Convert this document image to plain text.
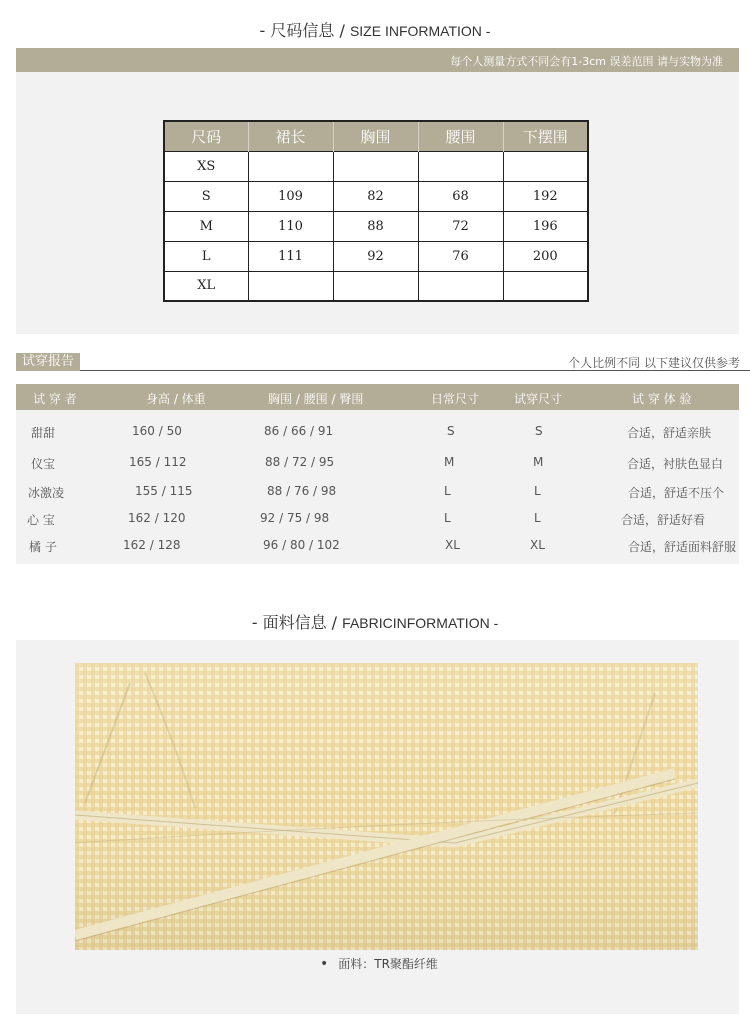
- 尺码信息 / SIZE INFORMATION -
每个人测量方式不同会有1-3cm 误差范围 请与实物为准
尺码	裙长	胸围	腰围	下摆围
XS				
S	109	82	68	192
M	110	88	72	196
L	111	92	76	200
XL				
试穿报告	个人比例不同 以下建议仅供参考
试 穿 者	身高 / 体重	胸围 / 腰围 / 臀围	日常尺寸	试穿尺寸	试 穿 体 验
甜甜	160 / 50	86 / 66 / 91	S	S	合适，舒适亲肤
仪宝	165 / 112	88 / 72 / 95	M	M	合适，衬肤色显白
冰激凌	155 / 115	88 / 76 / 98	L	L	合适，舒适不压个
心 宝	162 / 120	92 / 75 / 98	L	L	合适，舒适好看
橘 子	162 / 128	96 / 80 / 102	XL	XL	合适，舒适面料舒服
- 面料信息 / FABRICINFORMATION -
• 面料：TR聚酯纤维
